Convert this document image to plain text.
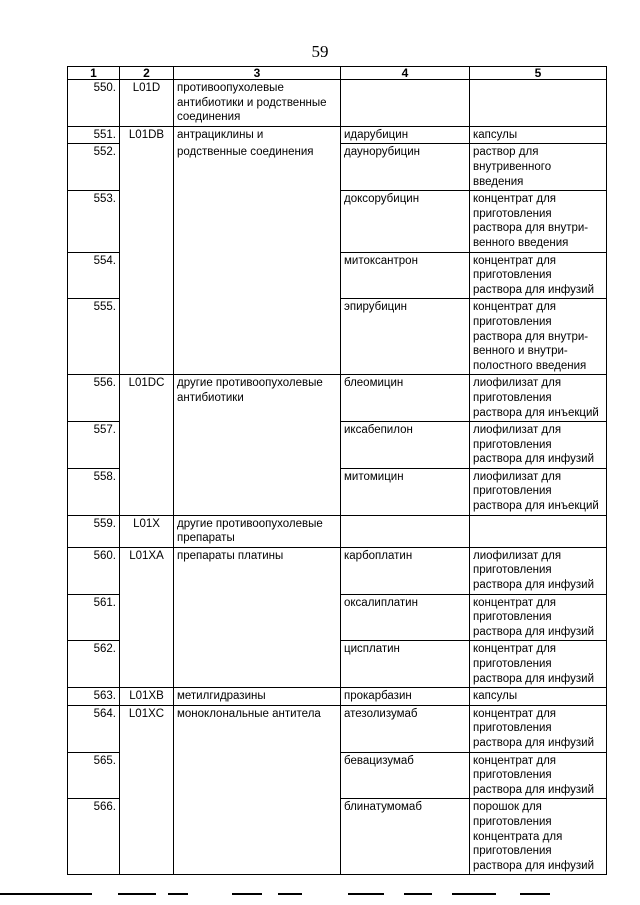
59
1	2	3	4	5
550.	L01D	противоопухолевые антибиотики и родственные соединения		
551.	L01DB	антрациклины и	идарубицин	капсулы
552.		родственные соединения	даунорубицин	раствор для внутривенного введения
553.			доксорубицин	концентрат для приготовления раствора для внутри-венного введения
554.			митоксантрон	концентрат для приготовления раствора для инфузий
555.			эпирубицин	концентрат для приготовления раствора для внутри-венного и внутри-полостного введения
556.	L01DC	другие противоопухолевые антибиотики	блеомицин	лиофилизат для приготовления раствора для инъекций
557.			иксабепилон	лиофилизат для приготовления раствора для инфузий
558.			митомицин	лиофилизат для приготовления раствора для инъекций
559.	L01X	другие противоопухолевые препараты		
560.	L01XA	препараты платины	карбоплатин	лиофилизат для приготовления раствора для инфузий
561.			оксалиплатин	концентрат для приготовления раствора для инфузий
562.			цисплатин	концентрат для приготовления раствора для инфузий
563.	L01XB	метилгидразины	прокарбазин	капсулы
564.	L01XC	моноклональные антитела	атезолизумаб	концентрат для приготовления раствора для инфузий
565.			бевацизумаб	концентрат для приготовления раствора для инфузий
566.			блинатумомаб	порошок для приготовления концентрата для приготовления раствора для инфузий
